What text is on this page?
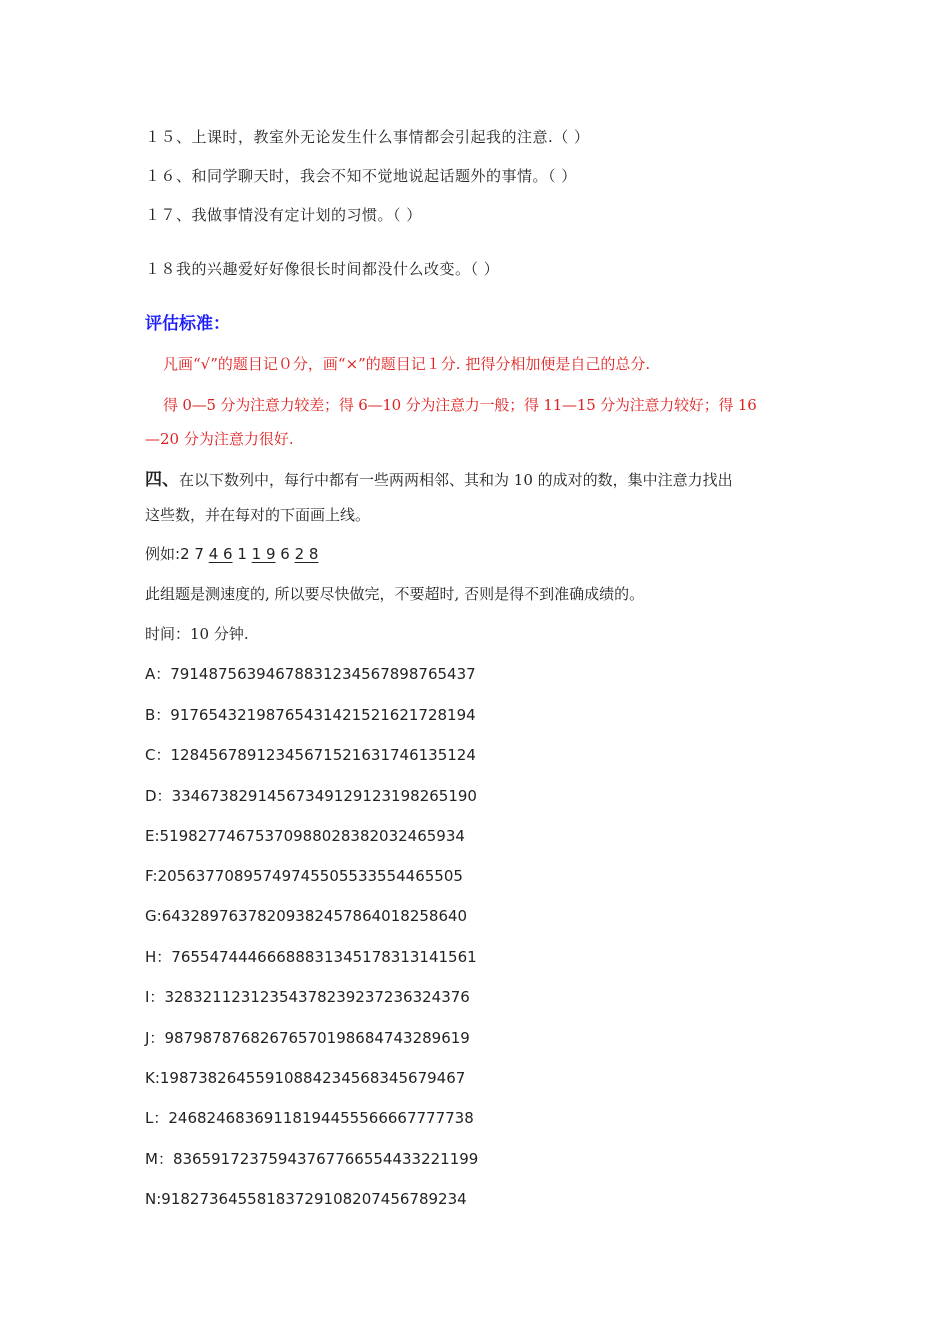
１５、上课时，教室外无论发生什么事情都会引起我的注意.（ ）
１６、和同学聊天时，我会不知不觉地说起话题外的事情。（ ）
１７、我做事情没有定计划的习惯。（ ）
１８我的兴趣爱好好像很长时间都没什么改变。（ ）
评估标准：
凡画“√”的题目记０分，画“×”的题目记１分. 把得分相加便是自己的总分.
得 0—5 分为注意力较差；得 6—10 分为注意力一般；得 11—15 分为注意力较好；得 16
—20 分为注意力很好.
四、在以下数列中，每行中都有一些两两相邻、其和为 10 的成对的数，集中注意力找出
这些数，并在每对的下面画上线。
例如:2 7 4 6 1 1 9 6 2 8
此组题是测速度的, 所以要尽快做完，不要超时, 否则是得不到准确成绩的。
时间：10 分钟.
A：79148756394678831234567898765437
B：91765432198765431421521621728194
C：12845678912345671521631746135124
D：33467382914567349129123198265190
E:51982774675370988028382032465934
F:20563770895749745505533554465505
G:64328976378209382457864018258640
H：76554744466688831345178313141561
I：32832112312354378239237236324376
J：98798787682676570198684743289619
K:19873826455910884234568345679467
L：24682468369118194455566667777738
M：83659172375943767766554433221199
N:91827364558183729108207456789234
